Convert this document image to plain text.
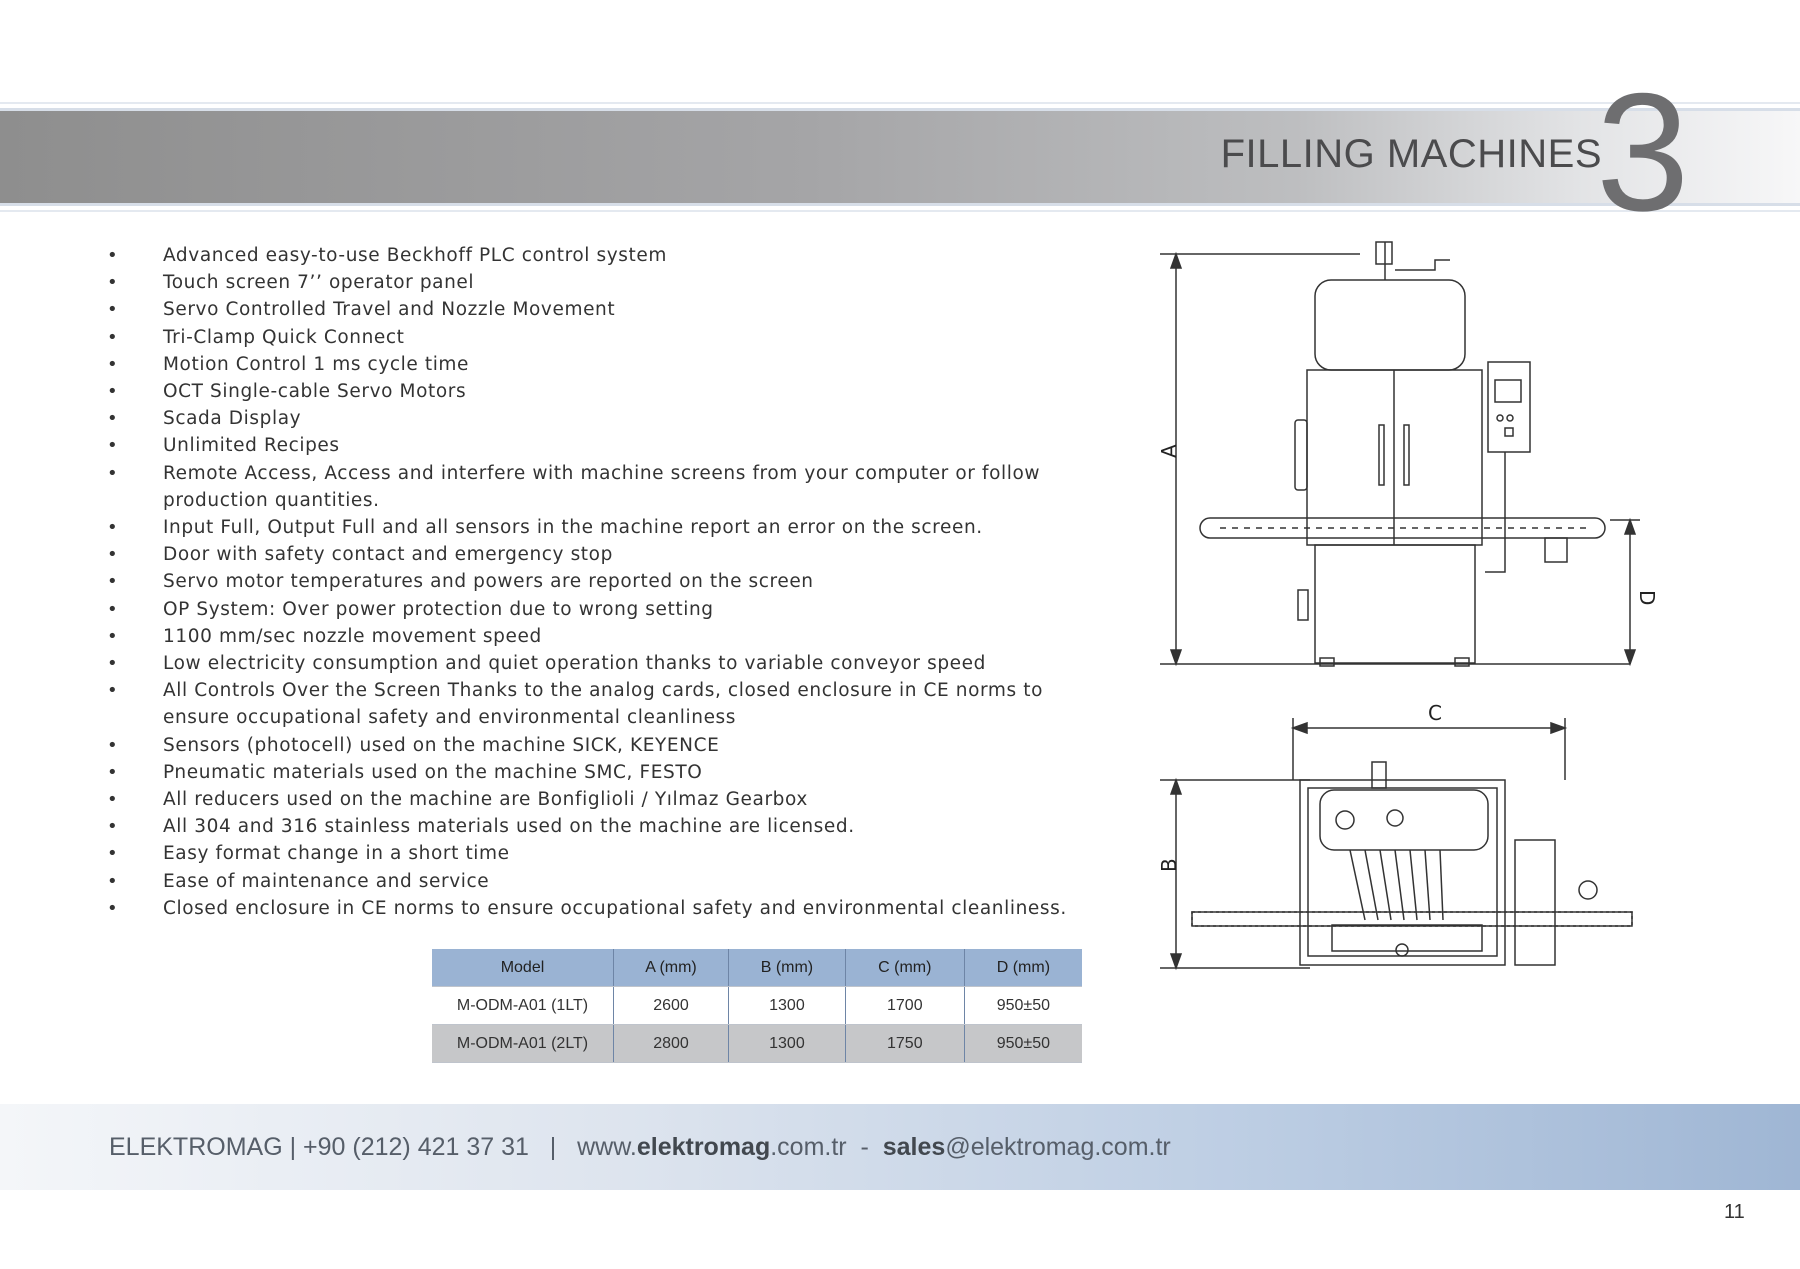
FILLING MACHINES
3
• Advanced easy-to-use Beckhoff PLC control system
• Touch screen 7’’ operator panel
• Servo Controlled Travel and Nozzle Movement
• Tri-Clamp Quick Connect
• Motion Control 1 ms cycle time
• OCT Single-cable Servo Motors
• Scada Display
• Unlimited Recipes
• Remote Access, Access and interfere with machine screens from your computer or follow production quantities.
• Input Full, Output Full and all sensors in the machine report an error on the screen.
• Door with safety contact and emergency stop
• Servo motor temperatures and powers are reported on the screen
• OP System: Over power protection due to wrong setting
• 1100 mm/sec nozzle movement speed
• Low electricity consumption and quiet operation thanks to variable conveyor speed
• All Controls Over the Screen Thanks to the analog cards, closed enclosure in CE norms to ensure occupational safety and environmental cleanliness
• Sensors (photocell) used on the machine SICK, KEYENCE
• Pneumatic materials used on the machine SMC, FESTO
• All reducers used on the machine are Bonfiglioli / Yılmaz Gearbox
• All 304 and 316 stainless materials used on the machine are licensed.
• Easy format change in a short time
• Ease of maintenance and service
• Closed enclosure in CE norms to ensure occupational safety and environmental cleanliness.
A
D
C
B
Model	A (mm)	B (mm)	C (mm)	D (mm)
M-ODM-A01 (1LT)	2600	1300	1700	950±50
M-ODM-A01 (2LT)	2800	1300	1750	950±50
ELEKTROMAG | +90 (212) 421 37 31   |   www.elektromag.com.tr  -  sales@elektromag.com.tr
11
